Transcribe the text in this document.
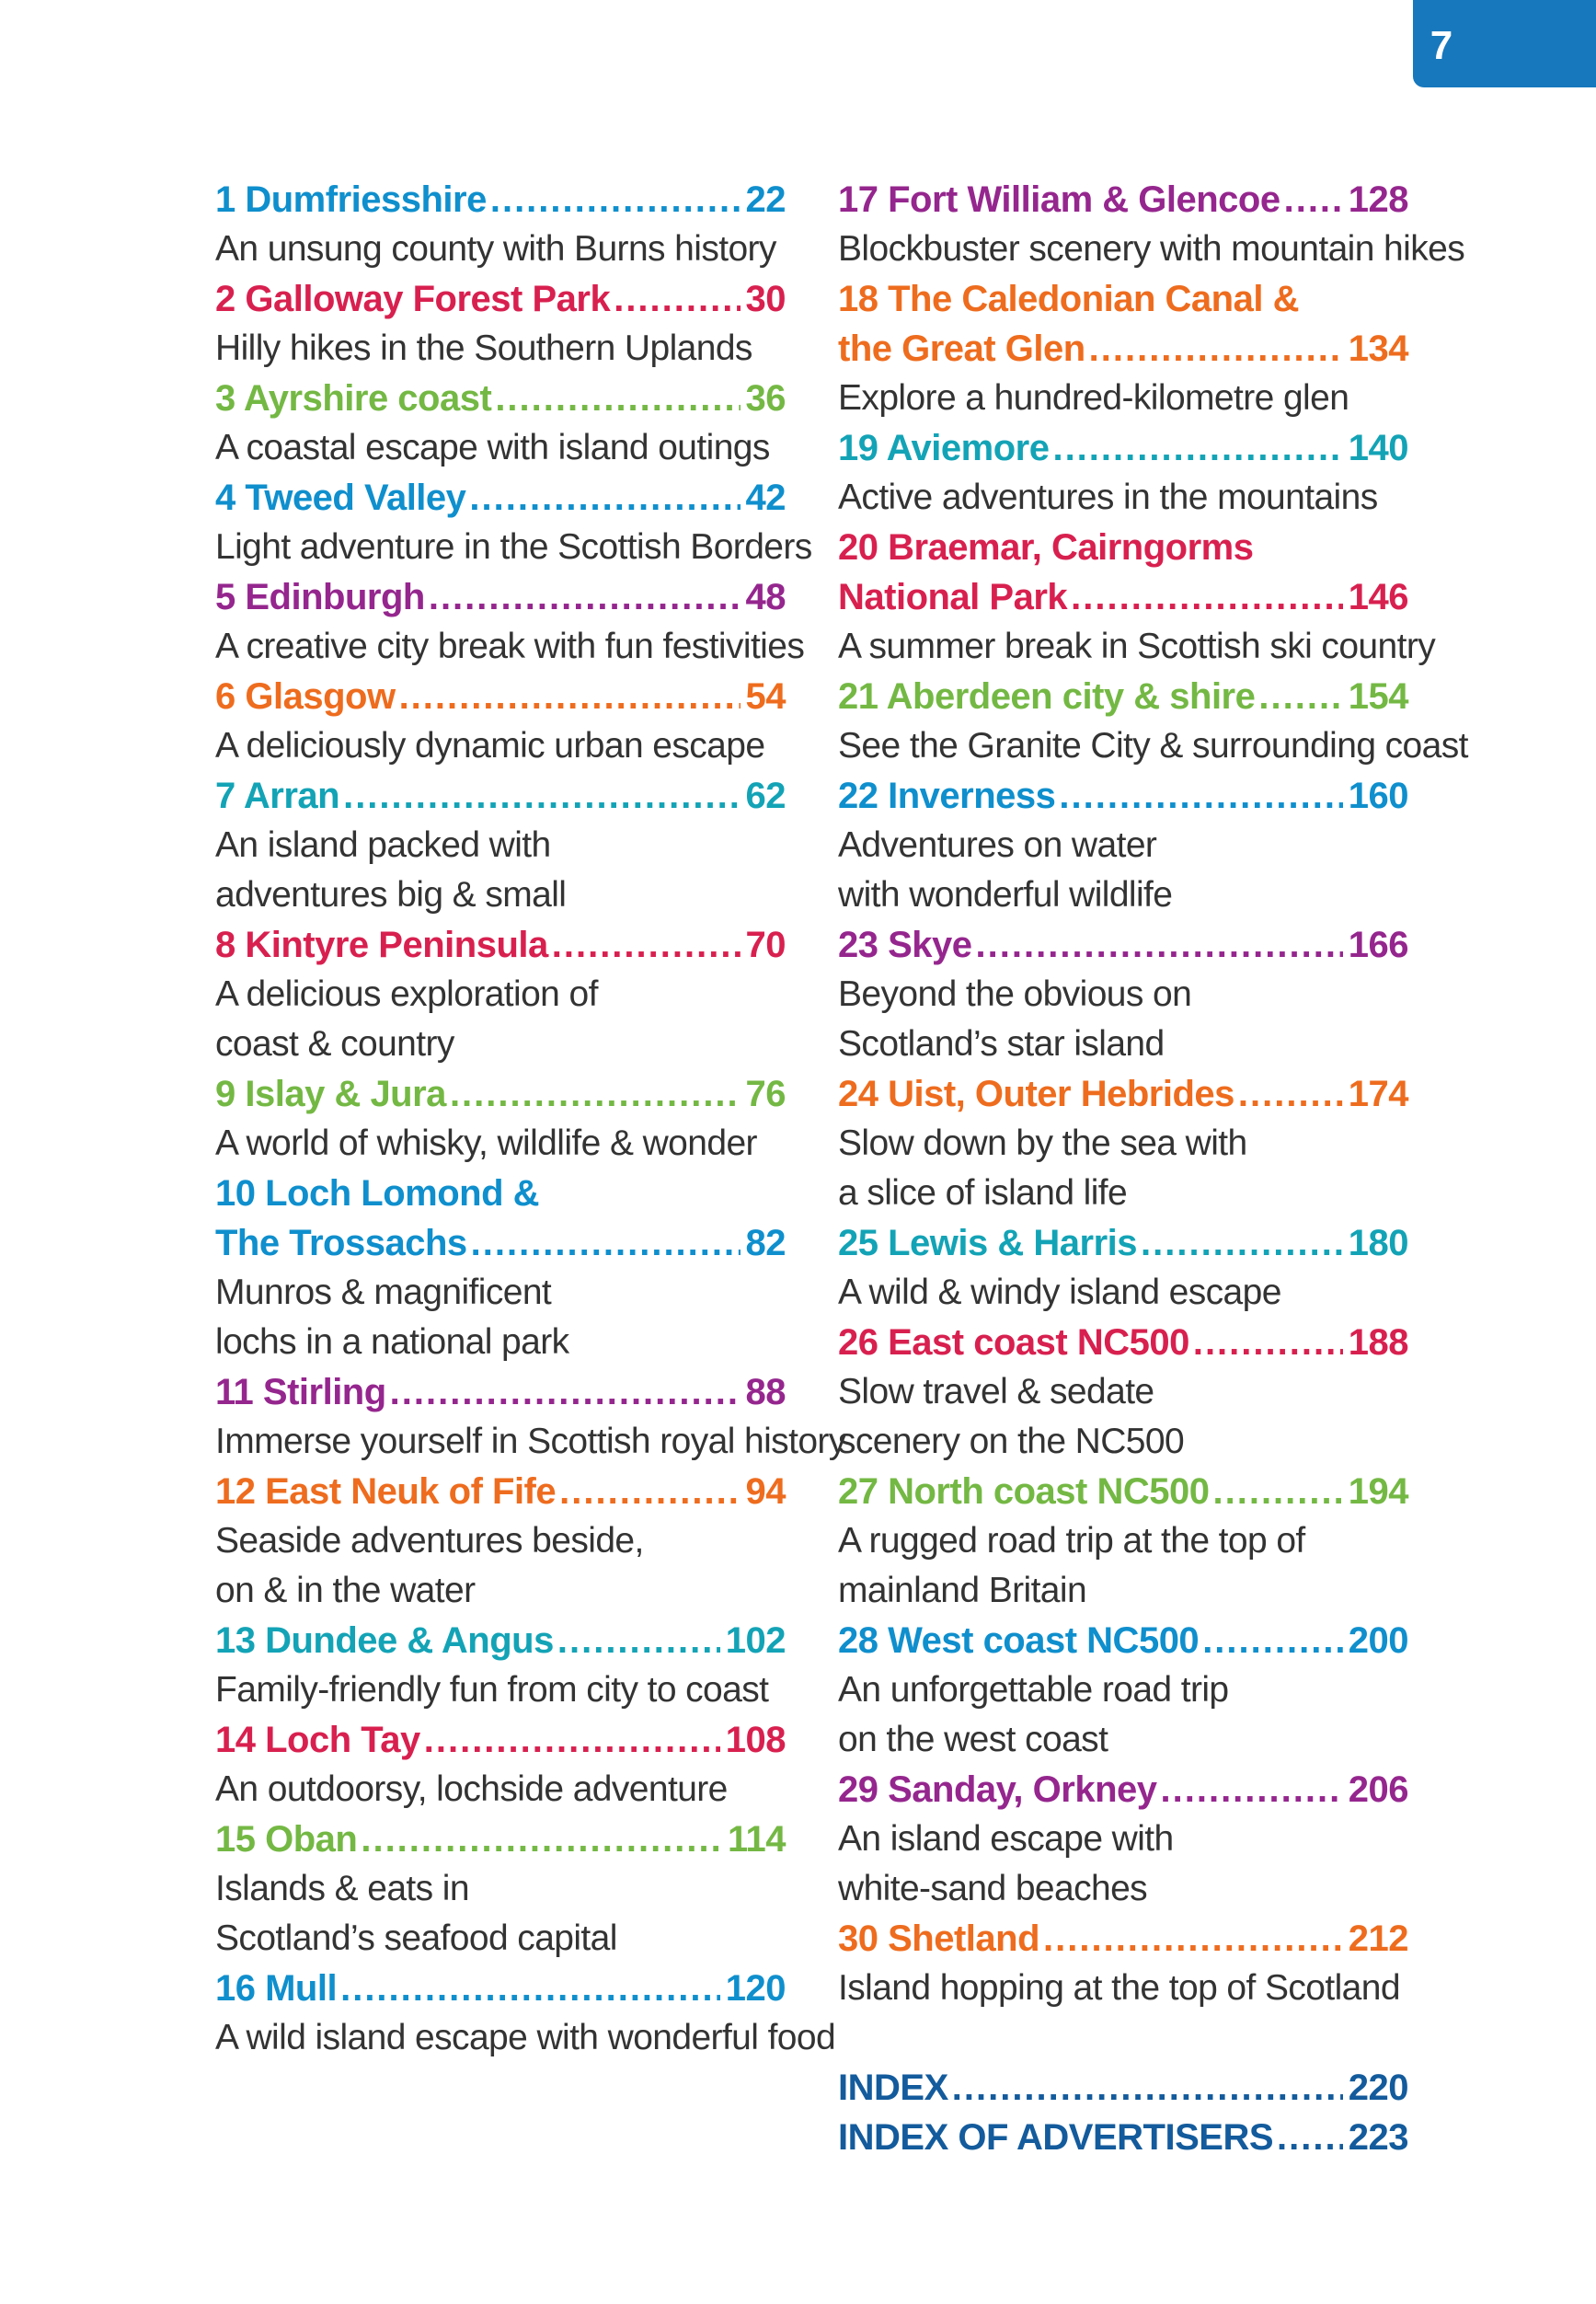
7
1 Dumfriesshire .....	22
An unsung county with Burns history
2 Galloway Forest Park .....	30
Hilly hikes in the Southern Uplands
3 Ayrshire coast .....	36
A coastal escape with island outings
4 Tweed Valley .....	42
Light adventure in the Scottish Borders
5 Edinburgh .....	48
A creative city break with fun festivities
6 Glasgow .....	54
A deliciously dynamic urban escape
7 Arran .....	62
An island packed with
adventures big & small
8 Kintyre Peninsula .....	70
A delicious exploration of
coast & country
9 Islay & Jura .....	76
A world of whisky, wildlife & wonder
10 Loch Lomond &
The Trossachs .....	82
Munros & magnificent
lochs in a national park
11 Stirling .....	88
Immerse yourself in Scottish royal history
12 East Neuk of Fife .....	94
Seaside adventures beside,
on & in the water
13 Dundee & Angus .....	102
Family-friendly fun from city to coast
14 Loch Tay .....	108
An outdoorsy, lochside adventure
15 Oban .....	114
Islands & eats in
Scotland’s seafood capital
16 Mull .....	120
A wild island escape with wonderful food
17 Fort William & Glencoe ..... 128
Blockbuster scenery with mountain hikes
18 The Caledonian Canal &
the Great Glen .....	134
Explore a hundred-kilometre glen
19 Aviemore .....	140
Active adventures in the mountains
20 Braemar, Cairngorms
National Park .....	146
A summer break in Scottish ski country
21 Aberdeen city & shire .....	154
See the Granite City & surrounding coast
22 Inverness .....	160
Adventures on water
with wonderful wildlife
23 Skye .....	166
Beyond the obvious on
Scotland’s star island
24 Uist, Outer Hebrides .....	174
Slow down by the sea with
a slice of island life
25 Lewis & Harris .....	180
A wild & windy island escape
26 East coast NC500 .....	188
Slow travel & sedate
scenery on the NC500
27 North coast NC500 .....	194
A rugged road trip at the top of
mainland Britain
28 West coast NC500 .....	200
An unforgettable road trip
on the west coast
29 Sanday, Orkney .....	206
An island escape with
white-sand beaches
30 Shetland .....	212
Island hopping at the top of Scotland
INDEX .....	220
INDEX OF ADVERTISERS ..... 223
